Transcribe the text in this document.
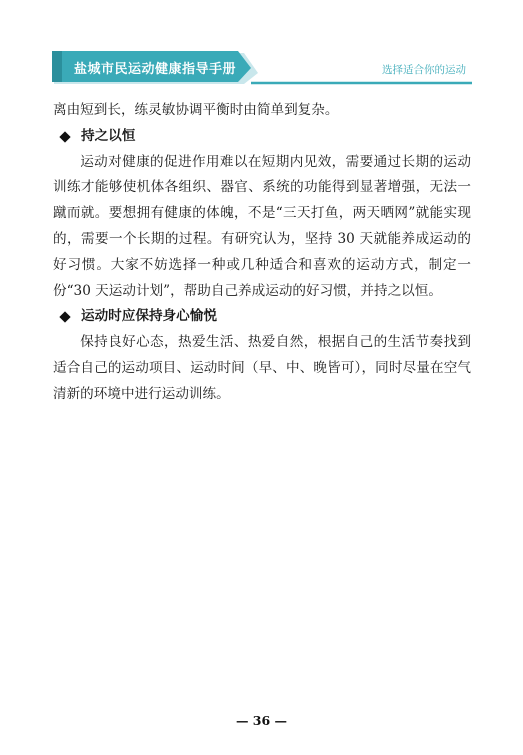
盐城市民运动健康指导手册	选择适合你的运动

离由短到长，练灵敏协调平衡时由简单到复杂。

持之以恒

运动对健康的促进作用难以在短期内见效，需要通过长期的运动训练才能够使机体各组织、器官、系统的功能得到显著增强，无法一蹴而就。要想拥有健康的体魄，不是“三天打鱼，两天晒网”就能实现的，需要一个长期的过程。有研究认为，坚持 30 天就能养成运动的好习惯。大家不妨选择一种或几种适合和喜欢的运动方式，制定一份“30 天运动计划”，帮助自己养成运动的好习惯，并持之以恒。

运动时应保持身心愉悦

保持良好心态，热爱生活、热爱自然，根据自己的生活节奏找到适合自己的运动项目、运动时间（早、中、晚皆可），同时尽量在空气清新的环境中进行运动训练。

— 36 —
